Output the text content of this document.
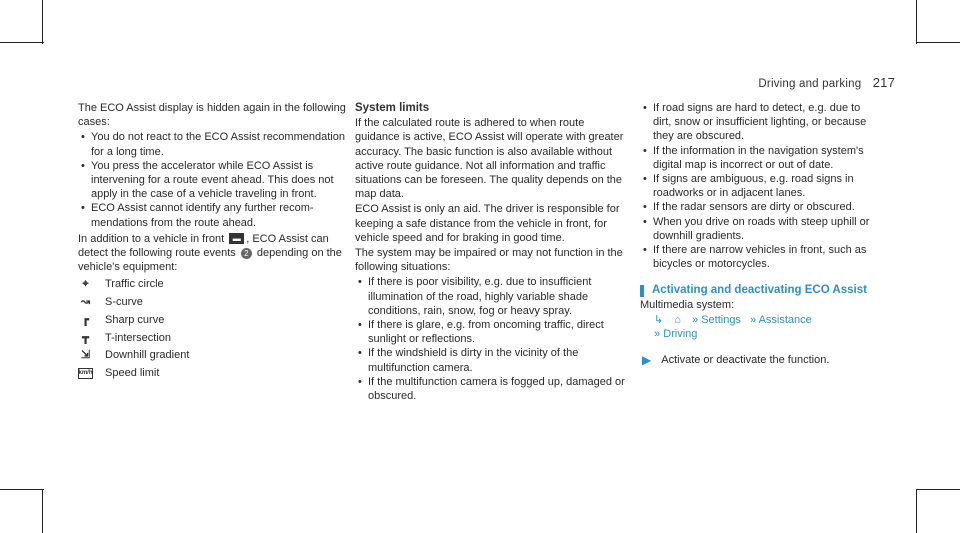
Driving and parking 217

The ECO Assist display is hidden again in the following cases:

• You do not react to the ECO Assist recommendation for a long time.
• You press the accelerator while ECO Assist is intervening for a route event ahead. This does not apply in the case of a vehicle traveling in front.
• ECO Assist cannot identify any further recommendations from the route ahead.

In addition to a vehicle in front ▬ , ECO Assist can detect the following route events 2 depending on the vehicle's equipment:

⌖	Traffic circle
↝ S-curve
┏	Sharp curve
┳	T-intersection
⇲ Downhill gradient
km/h Speed limit

System limits

If the calculated route is adhered to when route guidance is active, ECO Assist will operate with greater accuracy. The basic function is also available without active route guidance. Not all information and traffic situations can be foreseen. The quality depends on the map data.

ECO Assist is only an aid. The driver is responsible for keeping a safe distance from the vehicle in front, for vehicle speed and for braking in good time.

The system may be impaired or may not function in the following situations:

• If there is poor visibility, e.g. due to insufficient illumination of the road, highly variable shade conditions, rain, snow, fog or heavy spray.
• If there is glare, e.g. from oncoming traffic, direct sunlight or reflections.
• If the windshield is dirty in the vicinity of the multifunction camera.
• If the multifunction camera is fogged up, damaged or obscured.
• If road signs are hard to detect, e.g. due to dirt, snow or insufficient lighting, or because they are obscured.
• If the information in the navigation system's digital map is incorrect or out of date.
• If signs are ambiguous, e.g. road signs in roadworks or in adjacent lanes.
• If the radar sensors are dirty or obscured.
• When you drive on roads with steep uphill or downhill gradients.
• If there are narrow vehicles in front, such as bicycles or motorcycles.
Activating and deactivating ECO Assist

Multimedia system:

↳ ⌂ » Settings » Assistance
» Driving
▶ Activate or deactivate the function.
